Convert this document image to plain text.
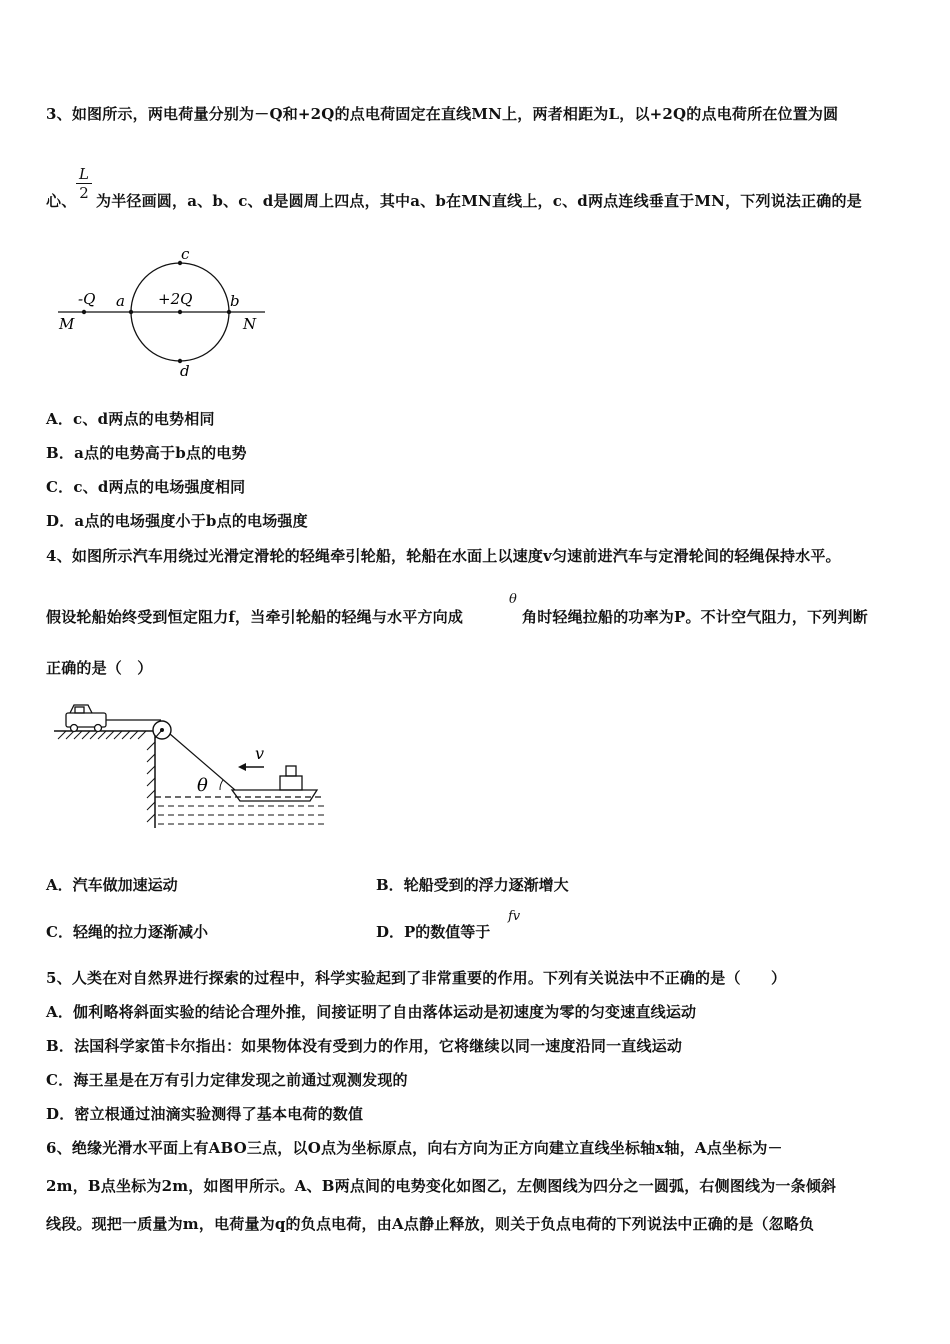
3、如图所示，两电荷量分别为－Q和+2Q的点电荷固定在直线MN上，两者相距为L，以+2Q的点电荷所在位置为圆
心、 $\frac{L}{2}$ 为半径画圆，a、b、c、d是圆周上四点，其中a、b在MN直线上，c、d两点连线垂直于MN，下列说法正确的是
c
d
-Q a +2Q	b
M	N
A．c、d两点的电势相同
B．a点的电势高于b点的电势
C．c、d两点的电场强度相同
D．a点的电场强度小于b点的电场强度
4、如图所示汽车用绕过光滑定滑轮的轻绳牵引轮船，轮船在水面上以速度v匀速前进汽车与定滑轮间的轻绳保持水平。
假设轮船始终受到恒定阻力f，当牵引轮船的轻绳与水平方向成
θ
角时轻绳拉船的功率为P。不计空气阻力，下列判断
正确的是（　）
θ
v
A．汽车做加速运动	B．轮船受到的浮力逐渐增大
C．轻绳的拉力逐渐减小	D．P的数值等于
fv
5、人类在对自然界进行探索的过程中，科学实验起到了非常重要的作用。下列有关说法中不正确的是（　　）
A．伽利略将斜面实验的结论合理外推，间接证明了自由落体运动是初速度为零的匀变速直线运动
B．法国科学家笛卡尔指出：如果物体没有受到力的作用，它将继续以同一速度沿同一直线运动
C．海王星是在万有引力定律发现之前通过观测发现的
D．密立根通过油滴实验测得了基本电荷的数值
6、绝缘光滑水平面上有ABO三点，以O点为坐标原点，向右方向为正方向建立直线坐标轴x轴，A点坐标为－
2m，B点坐标为2m，如图甲所示。A、B两点间的电势变化如图乙，左侧图线为四分之一圆弧，右侧图线为一条倾斜
线段。现把一质量为m，电荷量为q的负点电荷，由A点静止释放，则关于负点电荷的下列说法中正确的是（忽略负
